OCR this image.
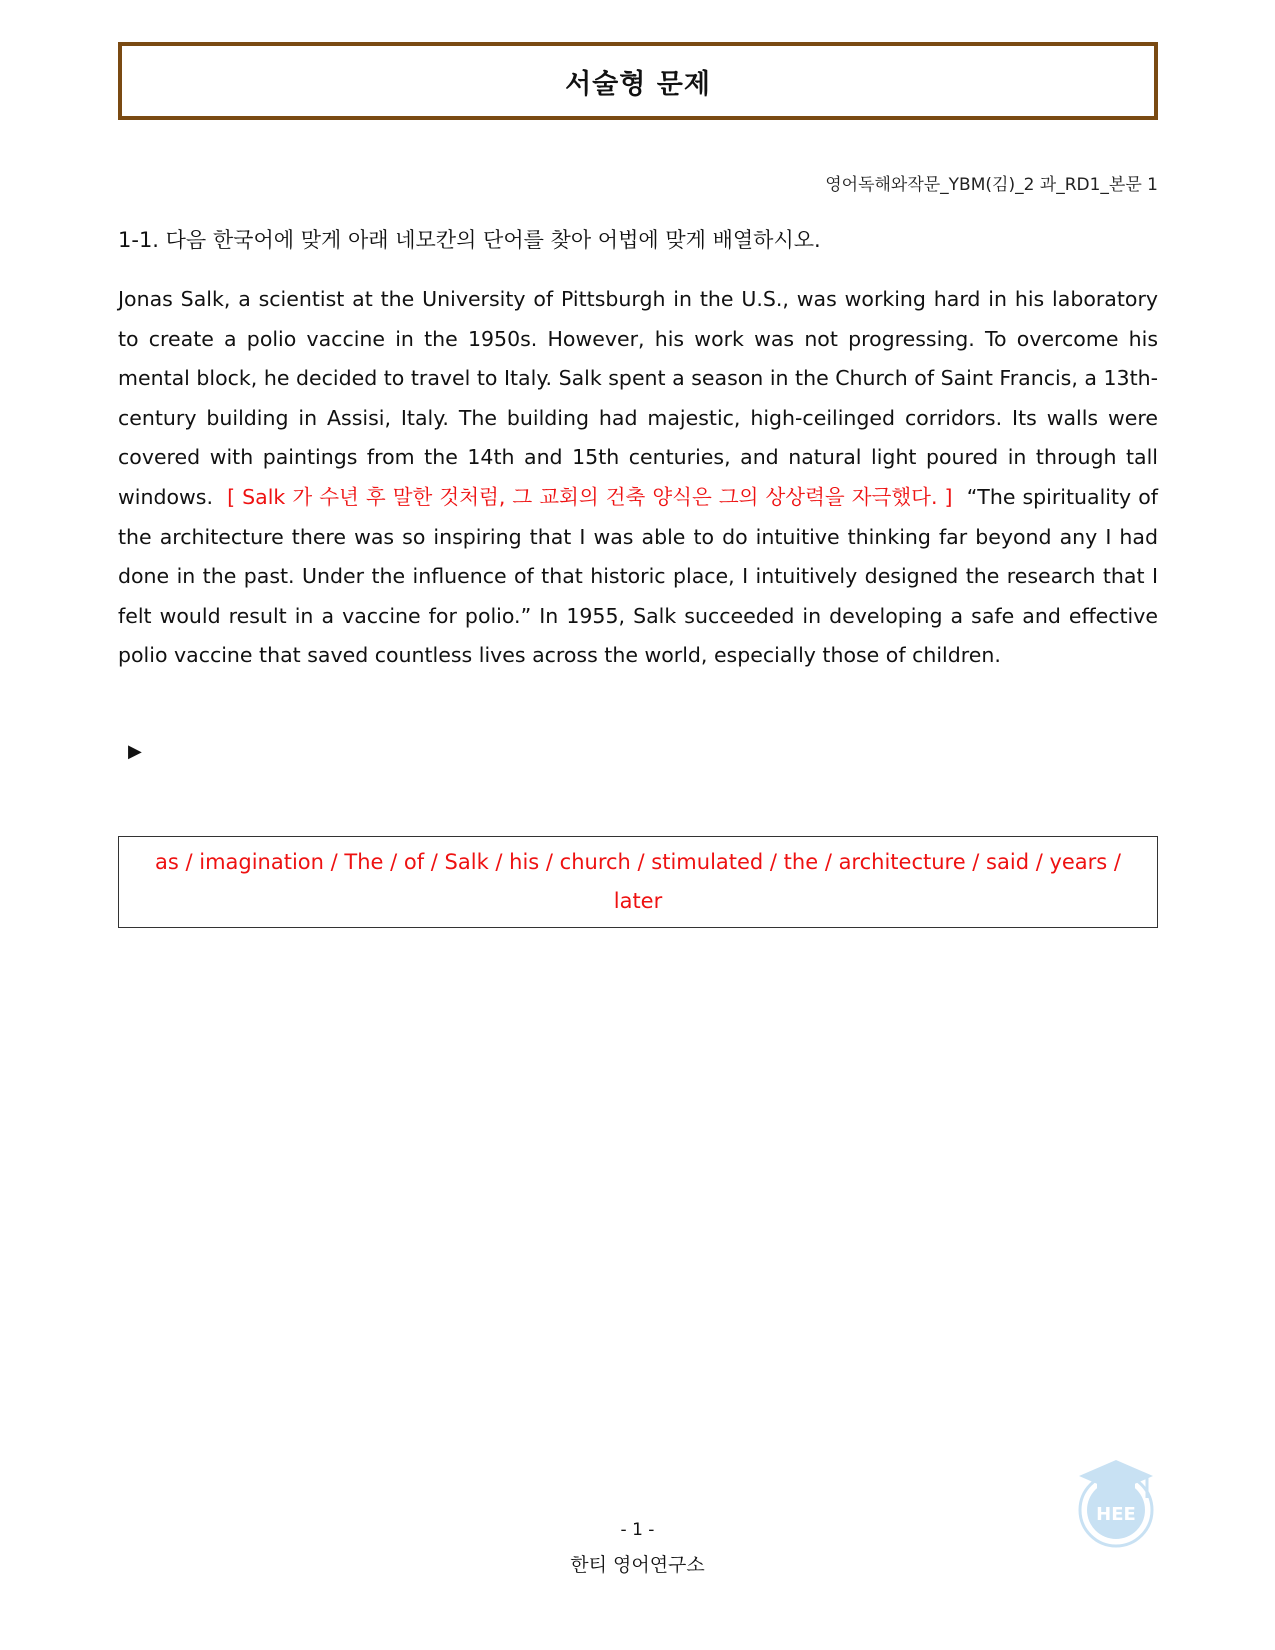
서술형 문제
영어독해와작문_YBM(김)_2 과_RD1_본문 1
1-1. 다음 한국어에 맞게 아래 네모칸의 단어를 찾아 어법에 맞게 배열하시오.
Jonas Salk, a scientist at the University of Pittsburgh in the U.S., was working hard in his laboratory to create a polio vaccine in the 1950s. However, his work was not progressing. To overcome his mental block, he decided to travel to Italy. Salk spent a season in the Church of Saint Francis, a 13th-century building in Assisi, Italy. The building had majestic, high-ceilinged corridors. Its walls were covered with paintings from the 14th and 15th centuries, and natural light poured in through tall windows. [ Salk 가 수년 후 말한 것처럼, 그 교회의 건축 양식은 그의 상상력을 자극했다. ] “The spirituality of the architecture there was so inspiring that I was able to do intuitive thinking far beyond any I had done in the past. Under the influence of that historic place, I intuitively designed the research that I felt would result in a vaccine for polio.” In 1955, Salk succeeded in developing a safe and effective polio vaccine that saved countless lives across the world, especially those of children.
▶
as / imagination / The / of / Salk / his / church / stimulated / the / architecture / said / years / later
- 1 -
한티 영어연구소
HEE
